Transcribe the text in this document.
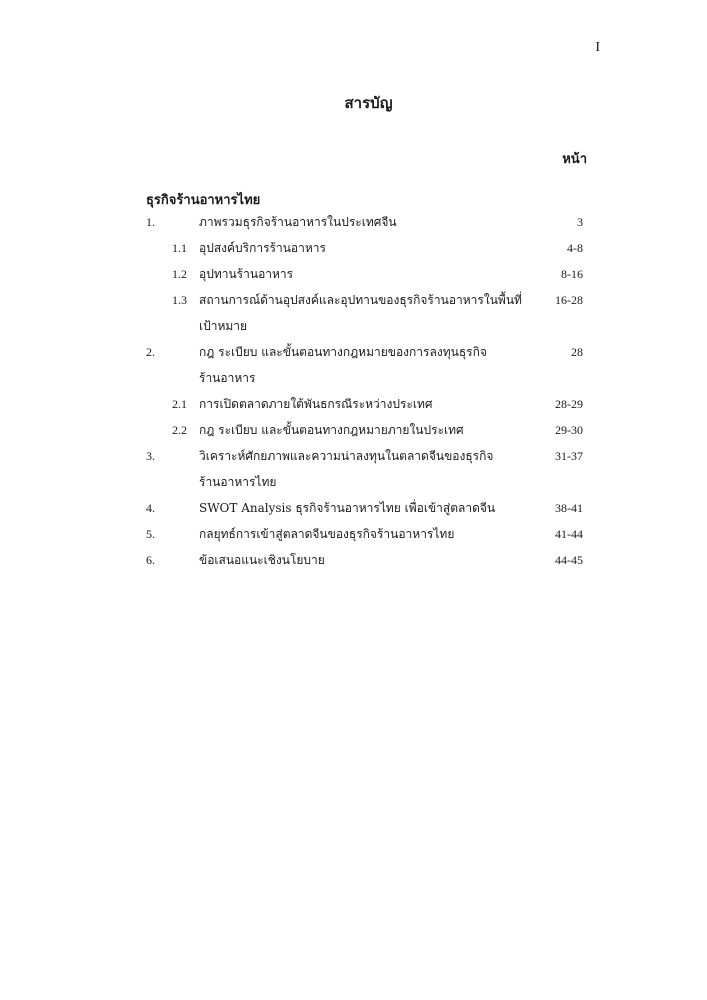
I
สารบัญ
หน้า
ธุรกิจร้านอาหารไทย
1.	ภาพรวมธุรกิจร้านอาหารในประเทศจีน	3
1.1 อุปสงค์บริการร้านอาหาร	4-8
1.2 อุปทานร้านอาหาร	8-16
1.3 สถานการณ์ด้านอุปสงค์และอุปทานของธุรกิจร้านอาหารในพื้นที่	16-28
เป้าหมาย
2.	กฎ ระเบียบ และขั้นตอนทางกฎหมายของการลงทุนธุรกิจ	28
ร้านอาหาร
2.1 การเปิดตลาดภายใต้พันธกรณีระหว่างประเทศ	28-29
2.2 กฎ ระเบียบ และขั้นตอนทางกฎหมายภายในประเทศ	29-30
3.	วิเคราะห์ศักยภาพและความน่าลงทุนในตลาดจีนของธุรกิจ	31-37
ร้านอาหารไทย
4.	SWOT Analysis ธุรกิจร้านอาหารไทย เพื่อเข้าสู่ตลาดจีน	38-41
5.	กลยุทธ์การเข้าสู่ตลาดจีนของธุรกิจร้านอาหารไทย	41-44
6.	ข้อเสนอแนะเชิงนโยบาย	44-45
